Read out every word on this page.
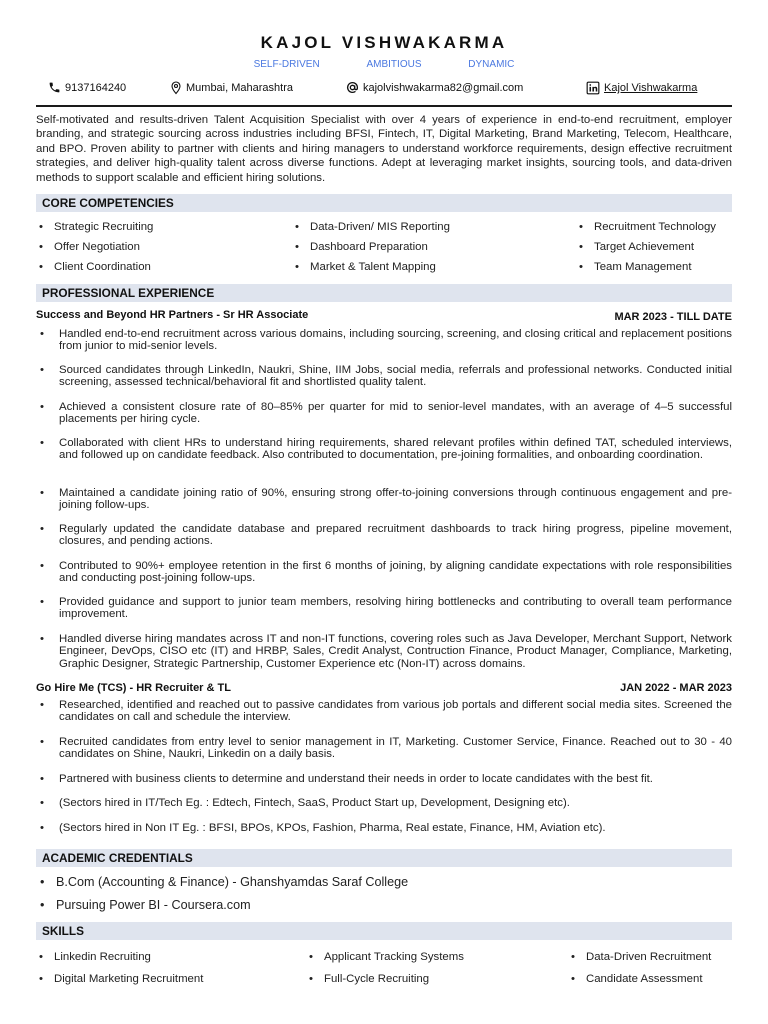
KAJOL VISHWAKARMA
SELF-DRIVEN	AMBITIOUS	DYNAMIC
9137164240	Mumbai, Maharashtra	kajolvishwakarma82@gmail.com	Kajol Vishwakarma
Self-motivated and results-driven Talent Acquisition Specialist with over 4 years of experience in end-to-end recruitment, employer branding, and strategic sourcing across industries including BFSI, Fintech, IT, Digital Marketing, Brand Marketing, Telecom, Healthcare, and BPO. Proven ability to partner with clients and hiring managers to understand workforce requirements, design effective recruitment strategies, and deliver high-quality talent across diverse functions. Adept at leveraging market insights, sourcing tools, and data-driven methods to support scalable and efficient hiring solutions.
CORE COMPETENCIES
• Strategic Recruiting
• Offer Negotiation
• Client Coordination
• Data-Driven/ MIS Reporting
• Dashboard Preparation
• Market & Talent Mapping
• Recruitment Technology
• Target Achievement
• Team Management
PROFESSIONAL EXPERIENCE
Success and Beyond HR Partners - Sr HR Associate	MAR 2023 - TILL DATE
• Handled end-to-end recruitment across various domains, including sourcing, screening, and closing critical and replacement positions from junior to mid-senior levels.
• Sourced candidates through LinkedIn, Naukri, Shine, IIM Jobs, social media, referrals and professional networks. Conducted initial screening, assessed technical/behavioral fit and shortlisted quality talent.
• Achieved a consistent closure rate of 80–85% per quarter for mid to senior-level mandates, with an average of 4–5 successful placements per hiring cycle.
• Collaborated with client HRs to understand hiring requirements, shared relevant profiles within defined TAT, scheduled interviews, and followed up on candidate feedback. Also contributed to documentation, pre-joining formalities, and onboarding coordination.
• Maintained a candidate joining ratio of 90%, ensuring strong offer-to-joining conversions through continuous engagement and pre-joining follow-ups.
• Regularly updated the candidate database and prepared recruitment dashboards to track hiring progress, pipeline movement, closures, and pending actions.
• Contributed to 90%+ employee retention in the first 6 months of joining, by aligning candidate expectations with role responsibilities and conducting post-joining follow-ups.
• Provided guidance and support to junior team members, resolving hiring bottlenecks and contributing to overall team performance improvement.
• Handled diverse hiring mandates across IT and non-IT functions, covering roles such as Java Developer, Merchant Support, Network Engineer, DevOps, CISO etc (IT) and HRBP, Sales, Credit Analyst, Contruction Finance, Product Manager, Compliance, Marketing, Graphic Designer, Strategic Partnership, Customer Experience etc (Non-IT) across domains.
Go Hire Me (TCS) - HR Recruiter & TL	JAN 2022 - MAR 2023
• Researched, identified and reached out to passive candidates from various job portals and different social media sites. Screened the candidates on call and schedule the interview.
• Recruited candidates from entry level to senior management in IT, Marketing. Customer Service, Finance. Reached out to 30 - 40 candidates on Shine, Naukri, Linkedin on a daily basis.
• Partnered with business clients to determine and understand their needs in order to locate candidates with the best fit.
• (Sectors hired in IT/Tech Eg. : Edtech, Fintech, SaaS, Product Start up, Development, Designing etc).
• (Sectors hired in Non IT Eg. : BFSI, BPOs, KPOs, Fashion, Pharma, Real estate, Finance, HM, Aviation etc).
ACADEMIC CREDENTIALS
• B.Com (Accounting & Finance) - Ghanshyamdas Saraf College
• Pursuing Power BI - Coursera.com
SKILLS
• Linkedin Recruiting
• Digital Marketing Recruitment
• Applicant Tracking Systems
• Full-Cycle Recruiting
• Data-Driven Recruitment
• Candidate Assessment
